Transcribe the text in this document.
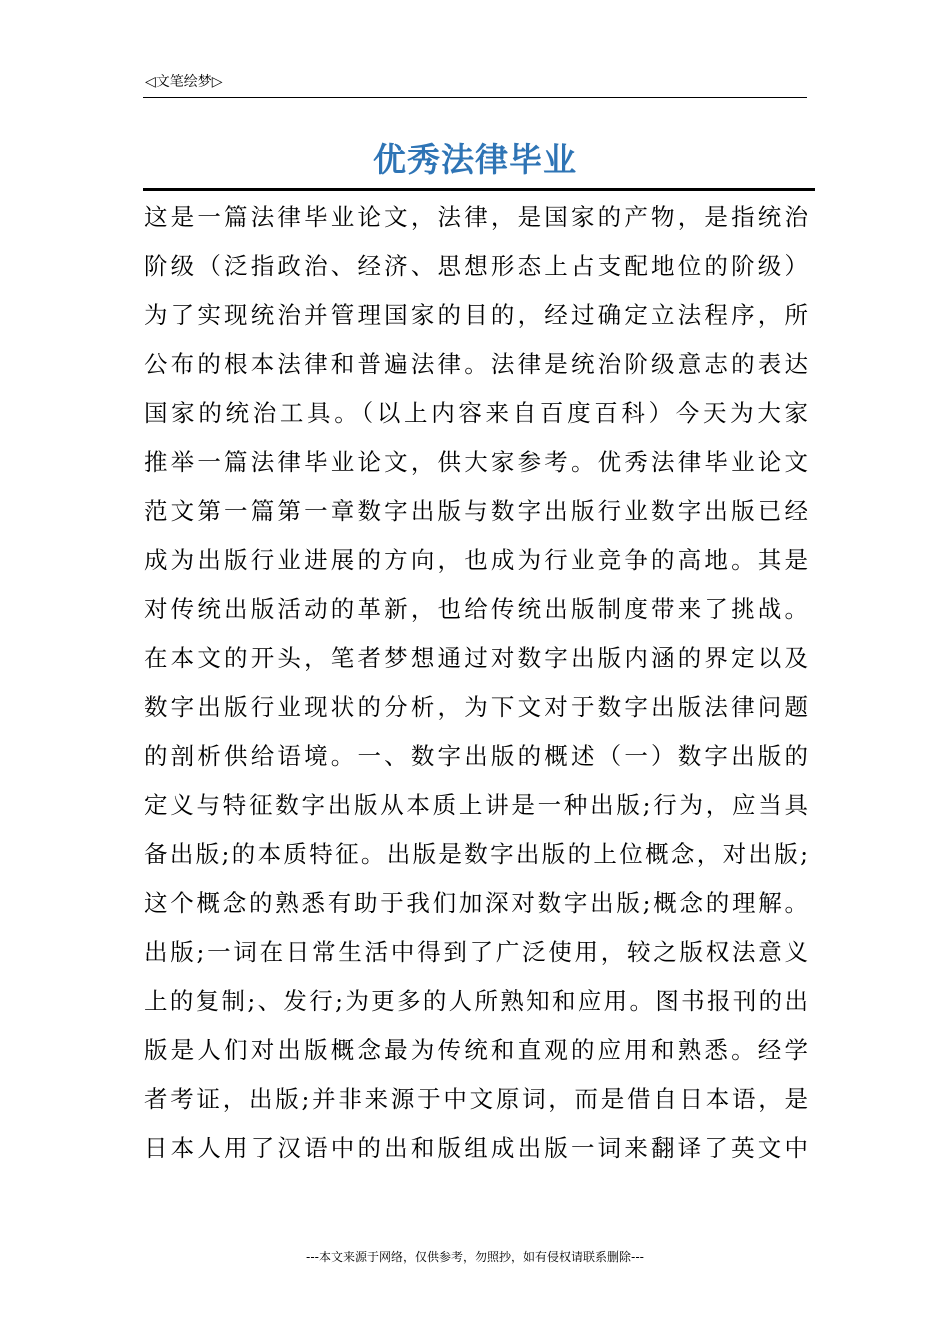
◁文笔绘梦▷
优秀法律毕业
这是一篇法律毕业论文，法律，是国家的产物，是指统治
阶级（泛指政治、经济、思想形态上占支配地位的阶级）
为了实现统治并管理国家的目的，经过确定立法程序，所
公布的根本法律和普遍法律。法律是统治阶级意志的表达
国家的统治工具。（以上内容来自百度百科）今天为大家
推举一篇法律毕业论文，供大家参考。优秀法律毕业论文
范文第一篇第一章数字出版与数字出版行业数字出版已经
成为出版行业进展的方向，也成为行业竞争的高地。其是
对传统出版活动的革新，也给传统出版制度带来了挑战。
在本文的开头，笔者梦想通过对数字出版内涵的界定以及
数字出版行业现状的分析，为下文对于数字出版法律问题
的剖析供给语境。一、数字出版的概述（一）数字出版的
定义与特征数字出版从本质上讲是一种出版;行为，应当具
备出版;的本质特征。出版是数字出版的上位概念，对出版;
这个概念的熟悉有助于我们加深对数字出版;概念的理解。
出版;一词在日常生活中得到了广泛使用，较之版权法意义
上的复制;、发行;为更多的人所熟知和应用。图书报刊的出
版是人们对出版概念最为传统和直观的应用和熟悉。经学
者考证，出版;并非来源于中文原词，而是借自日本语，是
日本人用了汉语中的出和版组成出版一词来翻译了英文中
---本文来源于网络，仅供参考，勿照抄，如有侵权请联系删除---
